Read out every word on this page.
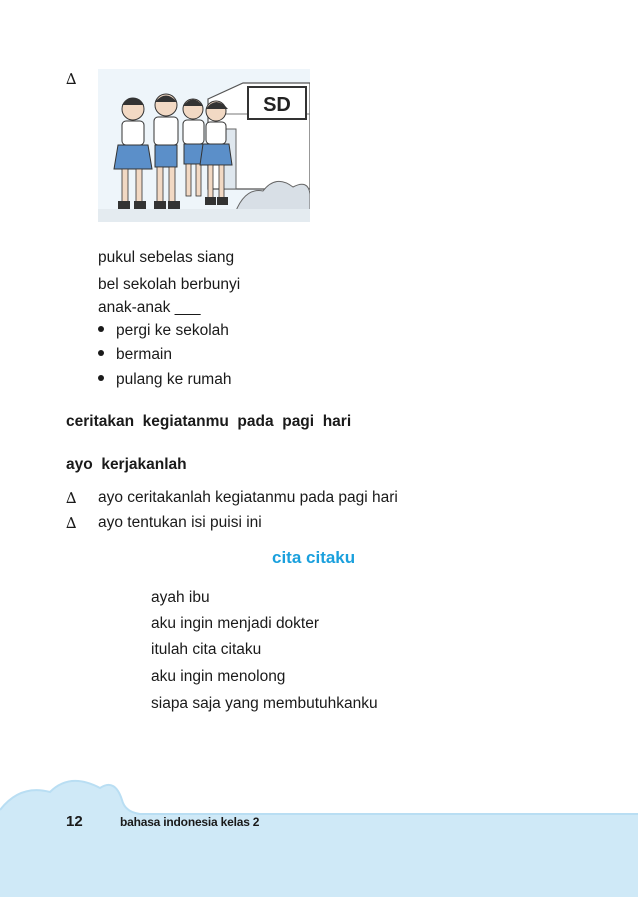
∆
SD
pukul sebelas siang
bel sekolah berbunyi
anak-anak ___
pergi ke sekolah
bermain
pulang ke rumah
ceritakan  kegiatanmu  pada  pagi  hari
ayo  kerjakanlah
∆ ayo ceritakanlah kegiatanmu pada pagi hari
∆ ayo tentukan isi puisi ini
cita citaku
ayah ibu
aku ingin menjadi dokter
itulah cita citaku
aku ingin menolong
siapa saja yang membutuhkanku
12	bahasa indonesia kelas 2
